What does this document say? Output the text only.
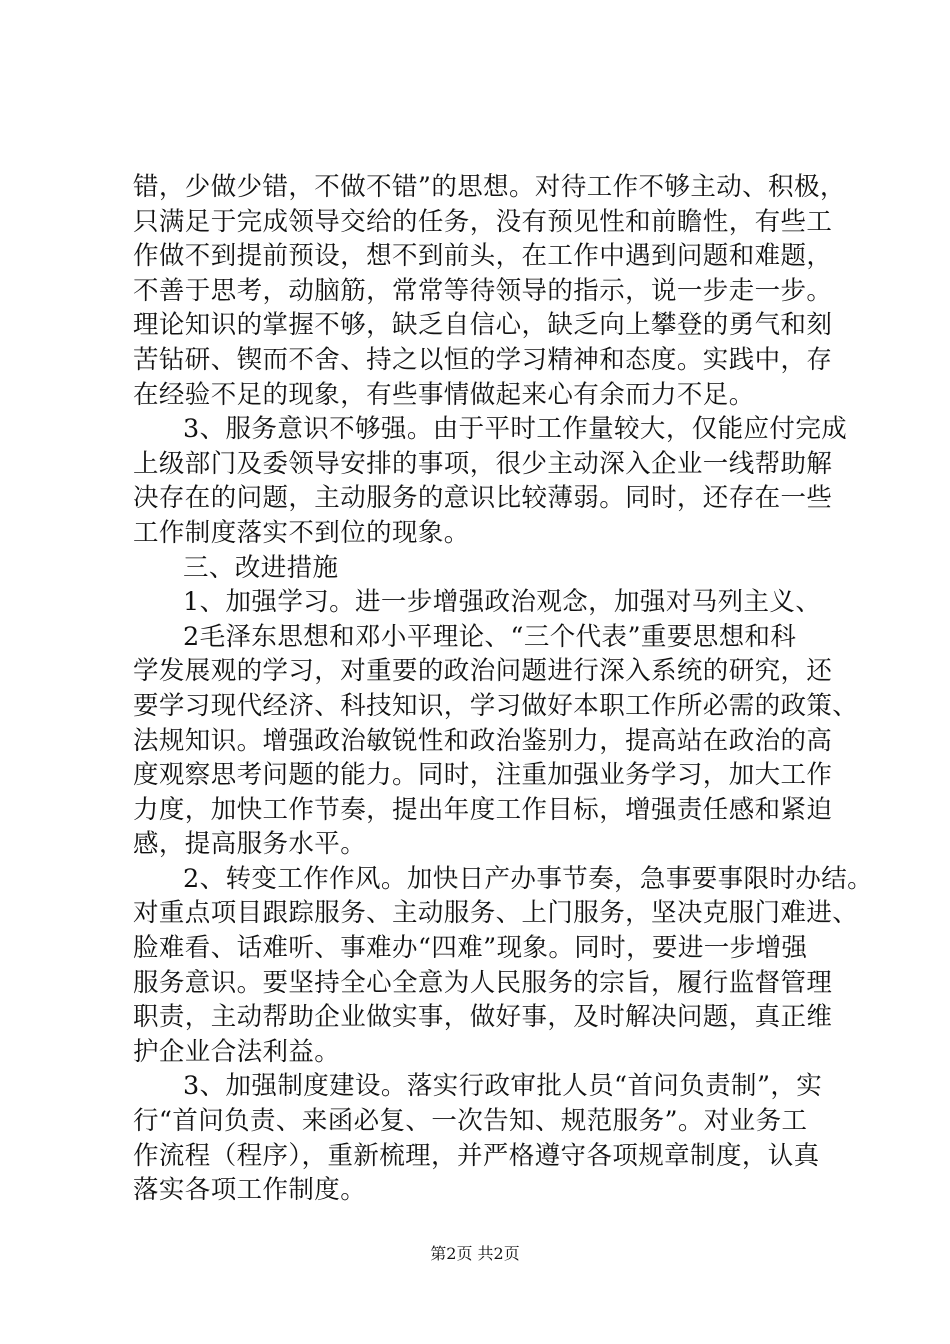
错，少做少错，不做不错”的思想。对待工作不够主动、积极，
只满足于完成领导交给的任务，没有预见性和前瞻性，有些工
作做不到提前预设，想不到前头，在工作中遇到问题和难题，
不善于思考，动脑筋，常常等待领导的指示，说一步走一步。
理论知识的掌握不够，缺乏自信心，缺乏向上攀登的勇气和刻
苦钻研、锲而不舍、持之以恒的学习精神和态度。实践中，存
在经验不足的现象，有些事情做起来心有余而力不足。
3、服务意识不够强。由于平时工作量较大，仅能应付完成
上级部门及委领导安排的事项，很少主动深入企业一线帮助解
决存在的问题，主动服务的意识比较薄弱。同时，还存在一些
工作制度落实不到位的现象。
三、改进措施
1、加强学习。进一步增强政治观念，加强对马列主义、
2毛泽东思想和邓小平理论、“三个代表”重要思想和科
学发展观的学习，对重要的政治问题进行深入系统的研究，还
要学习现代经济、科技知识，学习做好本职工作所必需的政策、
法规知识。增强政治敏锐性和政治鉴别力，提高站在政治的高
度观察思考问题的能力。同时，注重加强业务学习，加大工作
力度，加快工作节奏，提出年度工作目标，增强责任感和紧迫
感，提高服务水平。
2、转变工作作风。加快日产办事节奏，急事要事限时办结。
对重点项目跟踪服务、主动服务、上门服务，坚决克服门难进、
脸难看、话难听、事难办“四难”现象。同时，要进一步增强
服务意识。要坚持全心全意为人民服务的宗旨，履行监督管理
职责，主动帮助企业做实事，做好事，及时解决问题，真正维
护企业合法利益。
3、加强制度建设。落实行政审批人员“首问负责制”，实
行“首问负责、来函必复、一次告知、规范服务”。对业务工
作流程（程序），重新梳理，并严格遵守各项规章制度，认真
落实各项工作制度。
第2页 共2页
